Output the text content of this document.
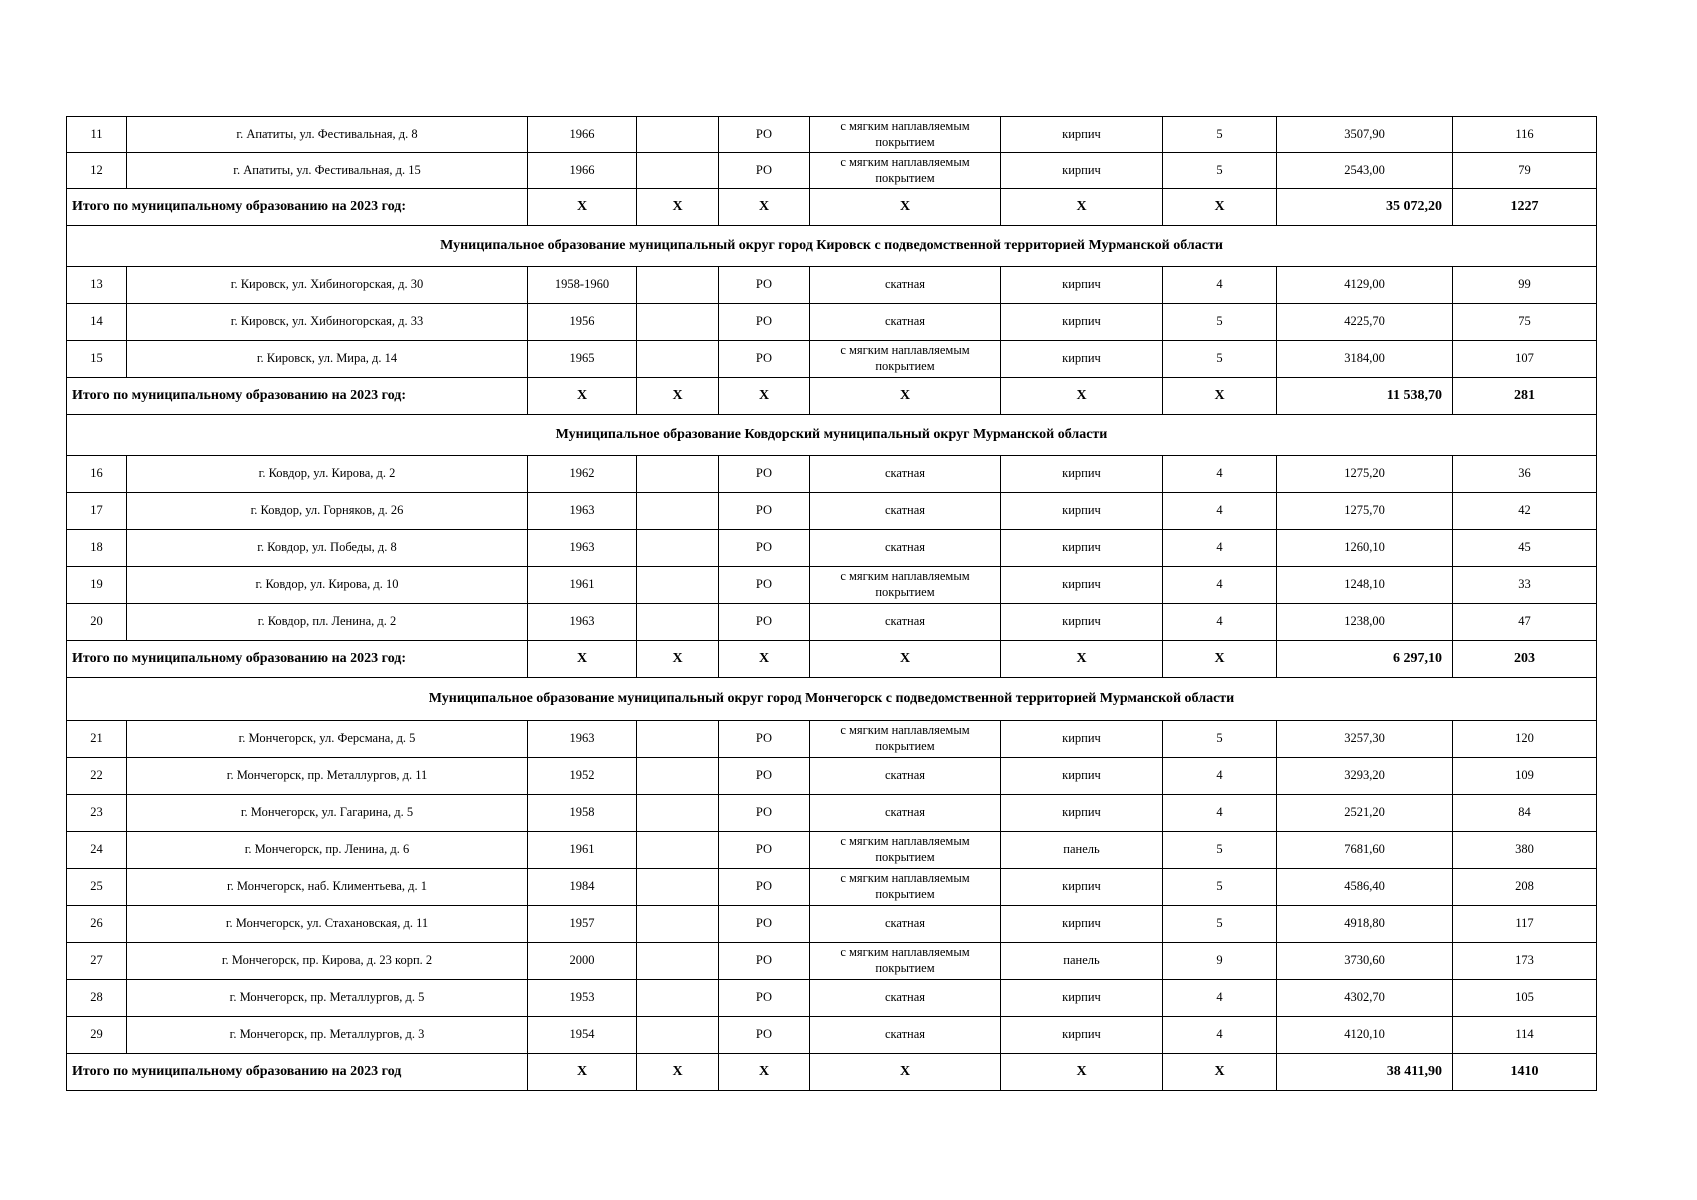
11	г. Апатиты, ул. Фестивальная, д. 8	1966		РО	с мягким наплавляемым покрытием	кирпич	5	3507,90	116
12	г. Апатиты, ул. Фестивальная, д. 15	1966		РО	с мягким наплавляемым покрытием	кирпич	5	2543,00	79
Итого по муниципальному образованию на 2023 год:		X	X	X	X	X	X	35 072,20	1227
Муниципальное образование муниципальный округ город Кировск с подведомственной территорией Мурманской области									
13	г. Кировск, ул. Хибиногорская, д. 30	1958-1960		РО	скатная	кирпич	4	4129,00	99
14	г. Кировск, ул. Хибиногорская, д. 33	1956		РО	скатная	кирпич	5	4225,70	75
15	г. Кировск, ул. Мира, д. 14	1965		РО	с мягким наплавляемым покрытием	кирпич	5	3184,00	107
Итого по муниципальному образованию на 2023 год:		X	X	X	X	X	X	11 538,70	281
Муниципальное образование Ковдорский муниципальный округ Мурманской области									
16	г. Ковдор, ул. Кирова, д. 2	1962		РО	скатная	кирпич	4	1275,20	36
17	г. Ковдор, ул. Горняков, д. 26	1963		РО	скатная	кирпич	4	1275,70	42
18	г. Ковдор, ул. Победы, д. 8	1963		РО	скатная	кирпич	4	1260,10	45
19	г. Ковдор, ул. Кирова, д. 10	1961		РО	с мягким наплавляемым покрытием	кирпич	4	1248,10	33
20	г. Ковдор, пл. Ленина, д. 2	1963		РО	скатная	кирпич	4	1238,00	47
Итого по муниципальному образованию на 2023 год:		X	X	X	X	X	X	6 297,10	203
Муниципальное образование муниципальный округ город Мончегорск с подведомственной территорией Мурманской области									
21	г. Мончегорск, ул. Ферсмана, д. 5	1963		РО	с мягким наплавляемым покрытием	кирпич	5	3257,30	120
22	г. Мончегорск, пр. Металлургов, д. 11	1952		РО	скатная	кирпич	4	3293,20	109
23	г. Мончегорск, ул. Гагарина, д. 5	1958		РО	скатная	кирпич	4	2521,20	84
24	г. Мончегорск, пр. Ленина, д. 6	1961		РО	с мягким наплавляемым покрытием	панель	5	7681,60	380
25	г. Мончегорск, наб. Климентьева, д. 1	1984		РО	с мягким наплавляемым покрытием	кирпич	5	4586,40	208
26	г. Мончегорск, ул. Стахановская, д. 11	1957		РО	скатная	кирпич	5	4918,80	117
27	г. Мончегорск, пр. Кирова, д. 23 корп. 2	2000		РО	с мягким наплавляемым покрытием	панель	9	3730,60	173
28	г. Мончегорск, пр. Металлургов, д. 5	1953		РО	скатная	кирпич	4	4302,70	105
29	г. Мончегорск, пр. Металлургов, д. 3	1954		РО	скатная	кирпич	4	4120,10	114
Итого по муниципальному образованию на 2023 год		X	X	X	X	X	X	38 411,90	1410
